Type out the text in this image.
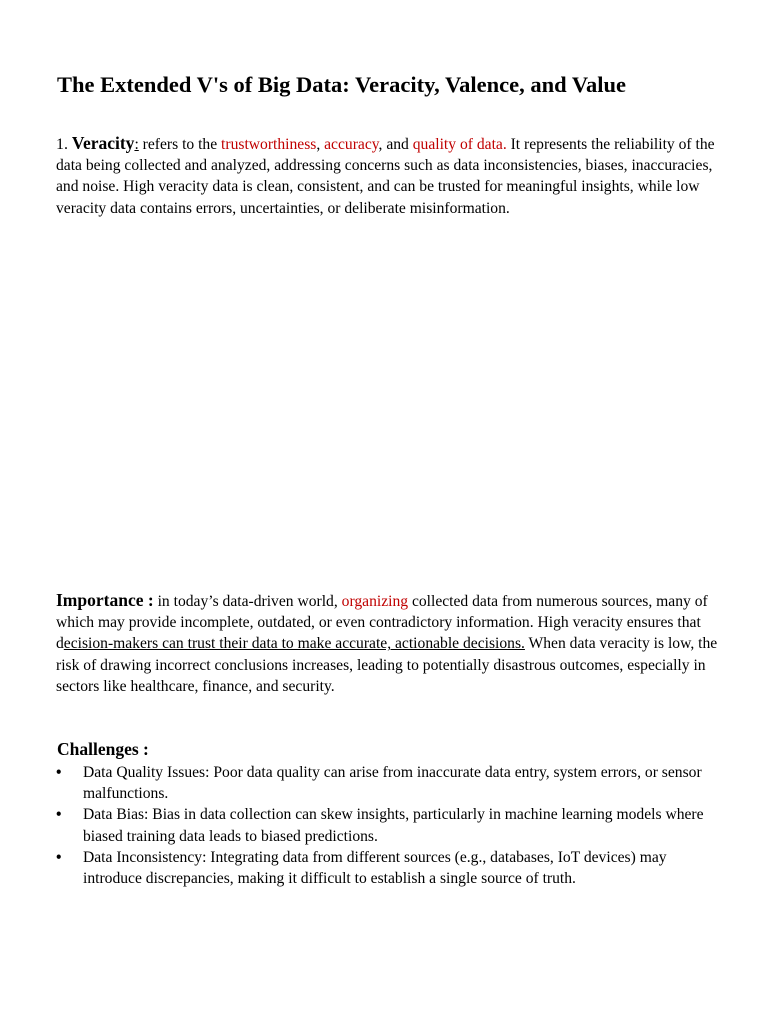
The Extended V's of Big Data: Veracity, Valence, and Value

1. Veracity: refers to the trustworthiness, accuracy, and quality of data. It represents the reliability of the data being collected and analyzed, addressing concerns such as data inconsistencies, biases, inaccuracies, and noise. High veracity data is clean, consistent, and can be trusted for meaningful insights, while low veracity data contains errors, uncertainties, or deliberate misinformation.

Importance : in today’s data-driven world, organizing collected data from numerous sources, many of which may provide incomplete, outdated, or even contradictory information. High veracity ensures that decision-makers can trust their data to make accurate, actionable decisions. When data veracity is low, the risk of drawing incorrect conclusions increases, leading to potentially disastrous outcomes, especially in sectors like healthcare, finance, and security.

Challenges :
•	Data Quality Issues: Poor data quality can arise from inaccurate data entry, system errors, or sensor malfunctions.
•	Data Bias: Bias in data collection can skew insights, particularly in machine learning models where biased training data leads to biased predictions.
•	Data Inconsistency: Integrating data from different sources (e.g., databases, IoT devices) may introduce discrepancies, making it difficult to establish a single source of truth.
